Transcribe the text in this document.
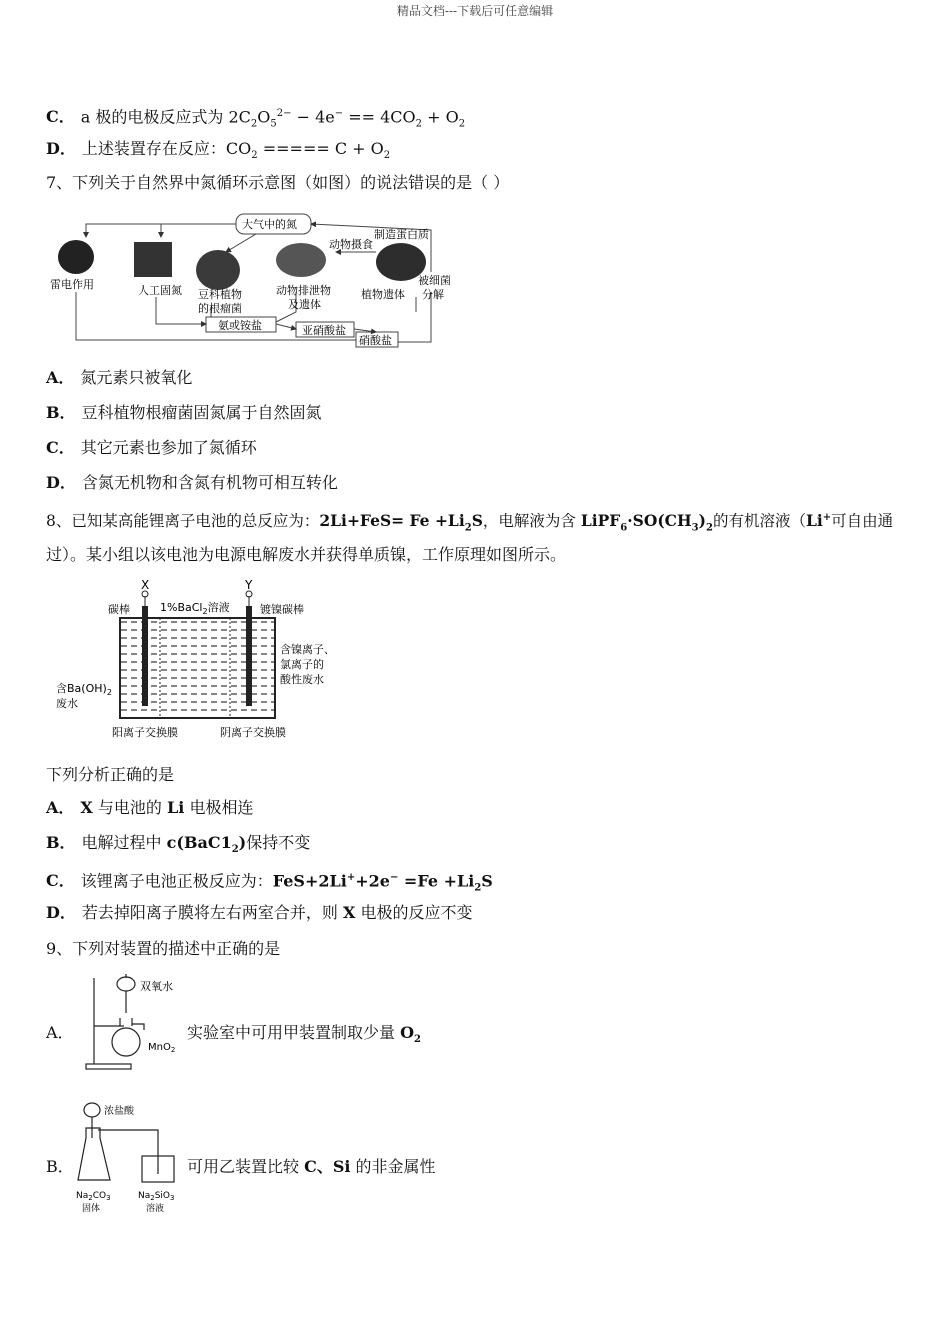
精品文档---下载后可任意编辑
C． a 极的电极反应式为 $2C_2O_5^{2-} - 4e^- == 4CO_2 + O_2$
D． 上述装置存在反应：$CO_2$ ===== $C + O_2$
7、下列关于自然界中氮循环示意图（如图）的说法错误的是（ ）
大气中的氮
雷电作用	人工固氮 豆科植物
的根瘤菌
动物排泄物
及遗体
植物遗体
制造蛋白质
动物摄食
被细菌
分解
氨或铵盐	亚硝酸盐
硝酸盐
A． 氮元素只被氧化
B． 豆科植物根瘤菌固氮属于自然固氮
C． 其它元素也参加了氮循环
D． 含氮无机物和含氮有机物可相互转化
8、已知某高能锂离子电池的总反应为：$2Li+FeS= Fe +Li_2S$，电解液为含 $LiPF_6\cdot SO(CH_3)_2$的有机溶液（Li+可自由通
过）。某小组以该电池为电源电解废水并获得单质镍，工作原理如图所示。
X	Y
碳棒	1%BaCl$_2$溶液	镀镍碳棒
含镍离子、
氯离子的
酸性废水
含$Ba(OH)_2$
废水
阳离子交换膜	阴离子交换膜
下列分析正确的是
A． X 与电池的 Li 电极相连
B． 电解过程中 $c(BaC1_2)$保持不变
C． 该锂离子电池正极反应为：$FeS+2Li^++2e^- =Fe +Li_2S$
D． 若去掉阳离子膜将左右两室合并，则 X 电极的反应不变
9、下列对装置的描述中正确的是
A．
双氧水
MnO$_2$
实验室中可用甲装置制取少量 $O_2$
B．
浓盐酸
$Na_2CO_3$
固体
$Na_2SiO_3$
溶液
可用乙装置比较 C、Si 的非金属性
